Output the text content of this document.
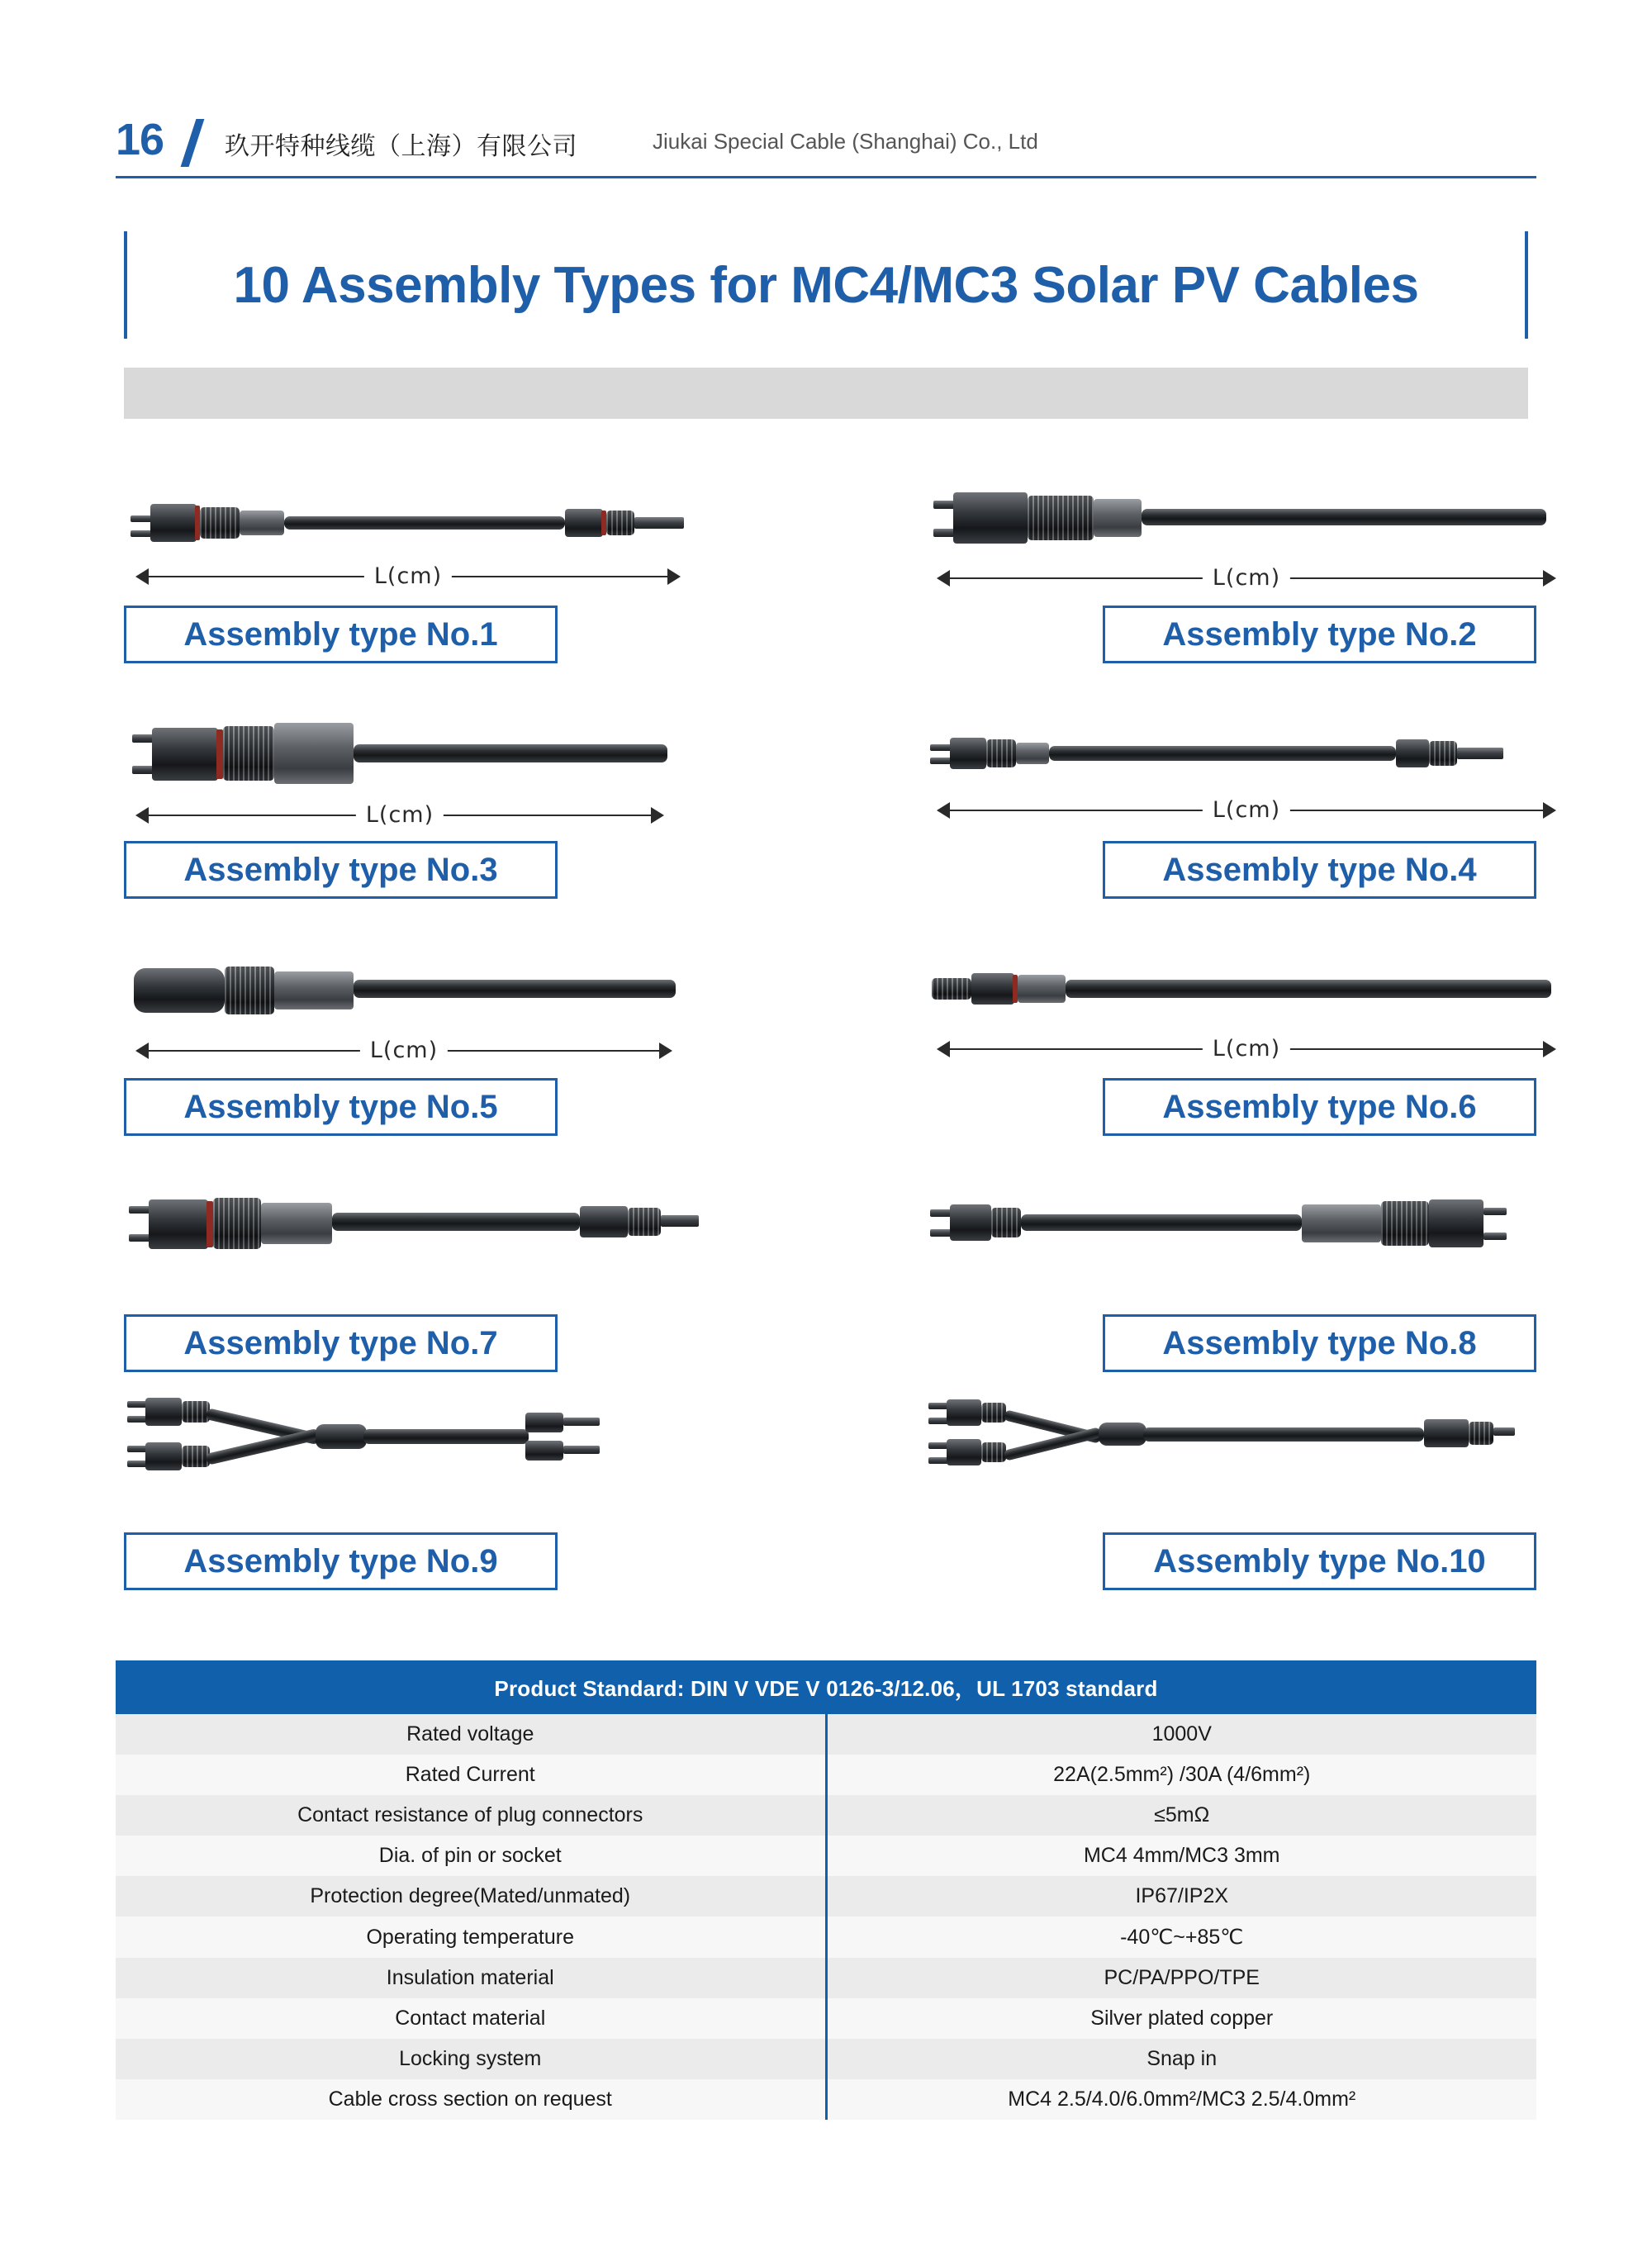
16 玖开特种线缆（上海）有限公司	Jiukai Special Cable (Shanghai) Co., Ltd
10 Assembly Types for MC4/MC3 Solar PV Cables
L(cm)
Assembly type No.1
L(cm)
Assembly type No.2
L(cm)
Assembly type No.3
L(cm)
Assembly type No.4
L(cm)
Assembly type No.5
L(cm)
Assembly type No.6
Assembly type No.7	Assembly type No.8
Assembly type No.9	Assembly type No.10
Product Standard: DIN V VDE V 0126-3/12.06，UL 1703 standard	
Rated voltage	1000V
Rated Current	22A(2.5mm²) /30A (4/6mm²)
Contact resistance of plug connectors	≤5mΩ
Dia. of pin or socket	MC4 4mm/MC3 3mm
Protection degree(Mated/unmated)	IP67/IP2X
Operating temperature	-40℃~+85℃
Insulation material	PC/PA/PPO/TPE
Contact material	Silver plated copper
Locking system	Snap in
Cable cross section on request	MC4 2.5/4.0/6.0mm²/MC3 2.5/4.0mm²
